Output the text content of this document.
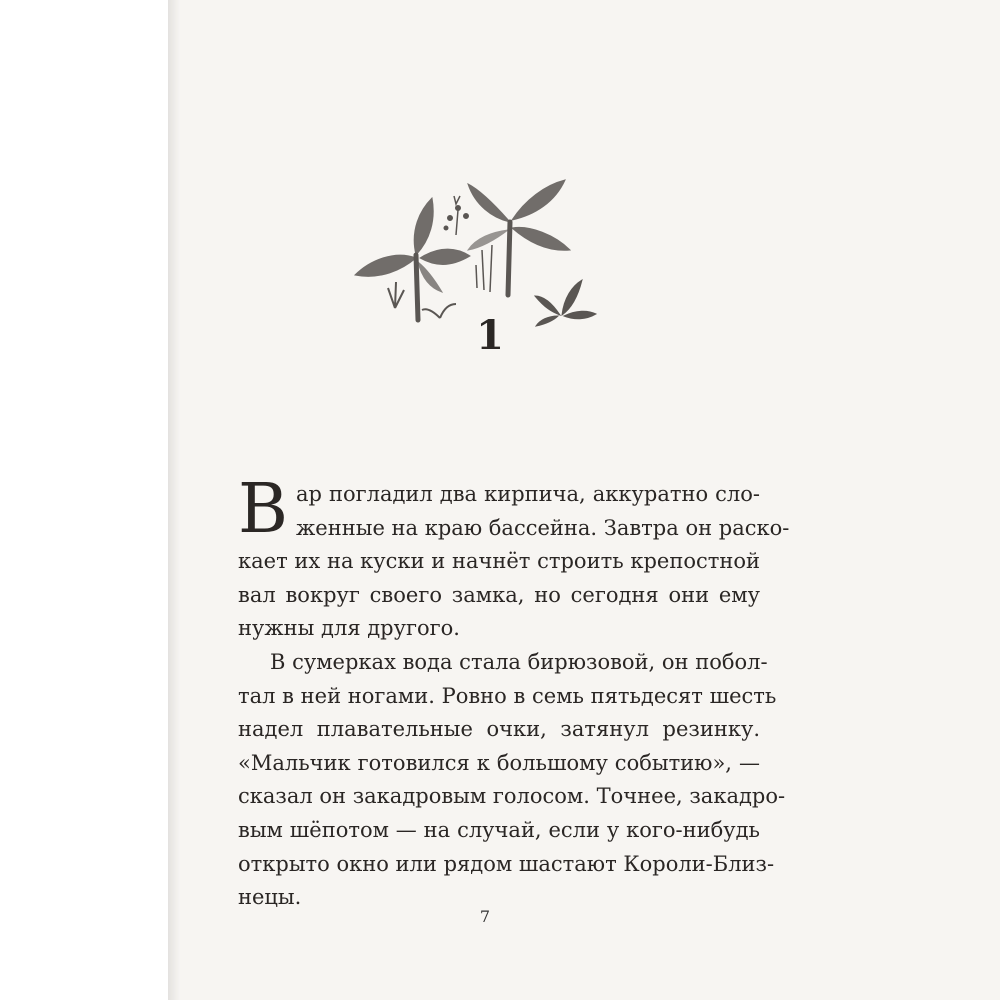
1
В ар погладил два кирпича, аккуратно сло-
женные на краю бассейна. Завтра он раско-
кает их на куски и начнёт строить крепостной
вал вокруг своего замка, но сегодня они ему
нужны для другого.
В сумерках вода стала бирюзовой, он побол-
тал в ней ногами. Ровно в семь пятьдесят шесть
надел плавательные очки, затянул резинку.
«Мальчик готовился к большому событию», —
сказал он закадровым голосом. Точнее, закадро-
вым шёпотом — на случай, если у кого-нибудь
открыто окно или рядом шастают Короли-Близ-
нецы.
7
